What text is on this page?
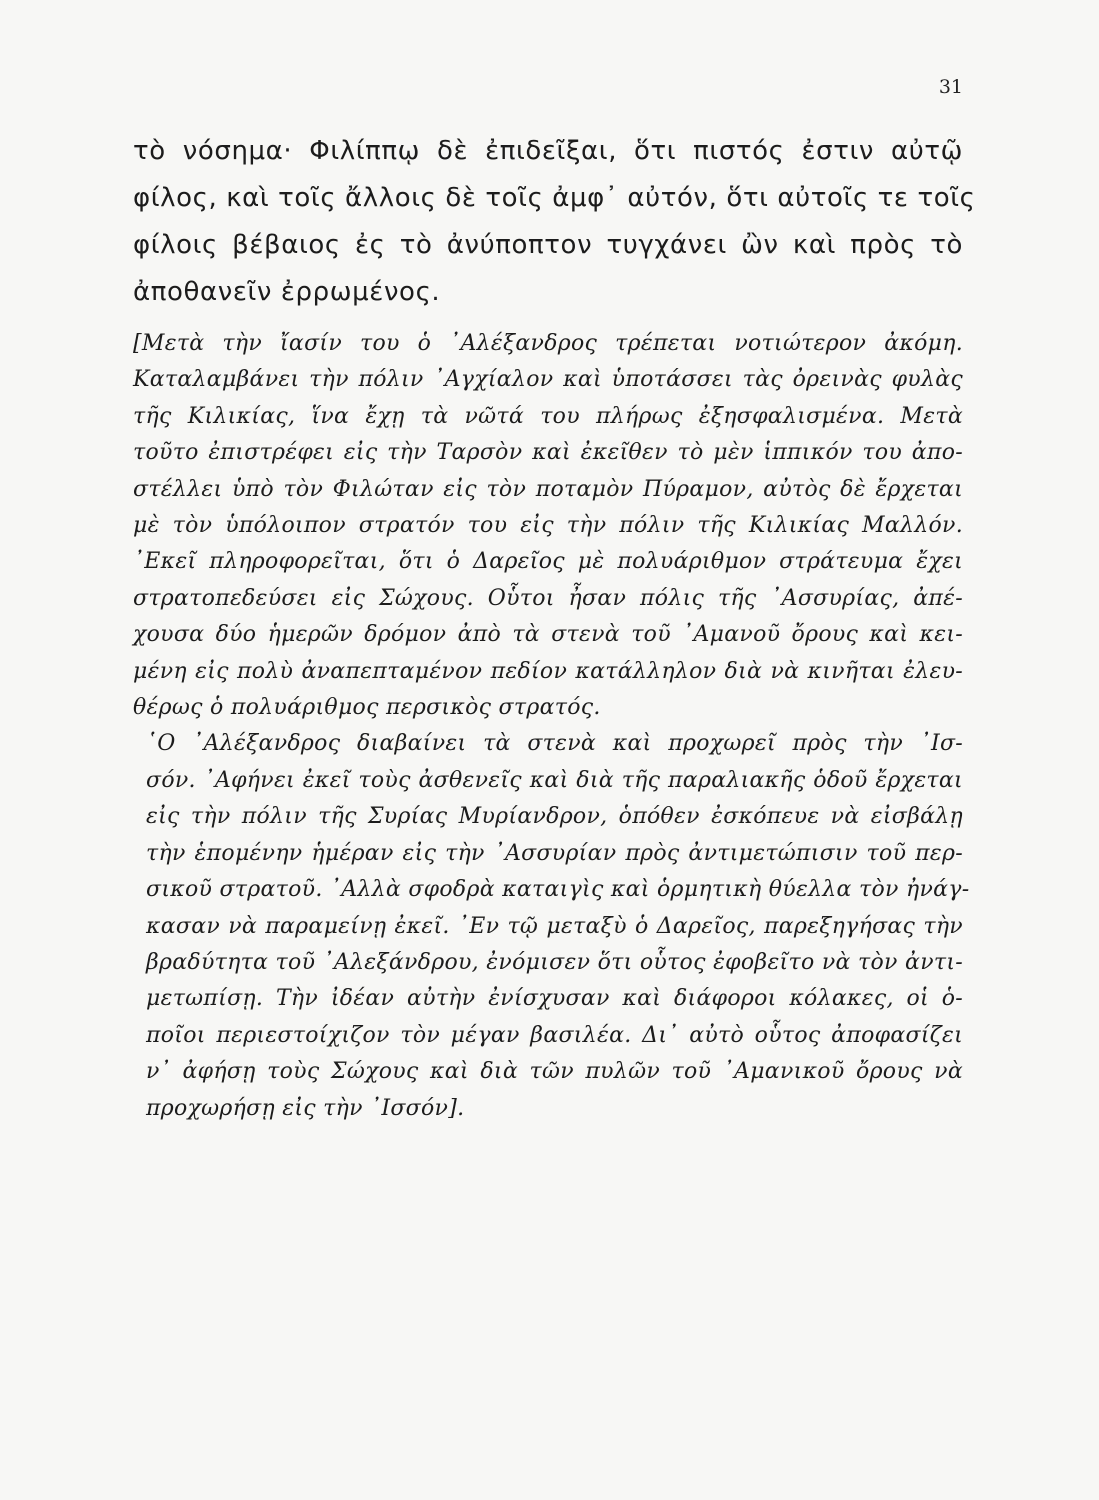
31
τὸ νόσημα· Φιλίππῳ δὲ ἐπιδεῖξαι, ὅτι πιστός ἐστιν αὐτῷ
φίλος, καὶ τοῖς ἄλλοις δὲ τοῖς ἀμφ᾽ αὐτόν, ὅτι αὐτοῖς τε τοῖς
φίλοις βέβαιος ἐς τὸ ἀνύποπτον τυγχάνει ὢν καὶ πρὸς τὸ
ἀποθανεῖν ἐρρωμένος.

[Μετὰ τὴν ἴασίν του ὁ ᾽Αλέξανδρος τρέπεται νοτιώτερον ἀκόμη.
Καταλαμβάνει τὴν πόλιν ᾽Αγχίαλον καὶ ὑποτάσσει τὰς ὀρεινὰς φυλὰς
τῆς Κιλικίας, ἵνα ἔχῃ τὰ νῶτά του πλήρως ἐξησφαλισμένα. Μετὰ
τοῦτο ἐπιστρέφει εἰς τὴν Ταρσὸν καὶ ἐκεῖθεν τὸ μὲν ἱππικόν του ἀπο-
στέλλει ὑπὸ τὸν Φιλώταν εἰς τὸν ποταμὸν Πύραμον, αὐτὸς δὲ ἔρχεται
μὲ τὸν ὑπόλοιπον στρατόν του εἰς τὴν πόλιν τῆς Κιλικίας Μαλλόν.
᾽Εκεῖ πληροφορεῖται, ὅτι ὁ Δαρεῖος μὲ πολυάριθμον στράτευμα ἔχει
στρατοπεδεύσει εἰς Σώχους. Οὗτοι ἦσαν πόλις τῆς ᾽Ασσυρίας, ἀπέ-
χουσα δύο ἡμερῶν δρόμον ἀπὸ τὰ στενὰ τοῦ ᾽Αμανοῦ ὄρους καὶ κει-
μένη εἰς πολὺ ἀναπεπταμένον πεδίον κατάλληλον διὰ νὰ κινῆται ἐλευ-
θέρως ὁ πολυάριθμος περσικὸς στρατός.

῾Ο ᾽Αλέξανδρος διαβαίνει τὰ στενὰ καὶ προχωρεῖ πρὸς τὴν ᾽Ισ-
σόν. ᾽Αφήνει ἐκεῖ τοὺς ἀσθενεῖς καὶ διὰ τῆς παραλιακῆς ὁδοῦ ἔρχεται
εἰς τὴν πόλιν τῆς Συρίας Μυρίανδρον, ὁπόθεν ἐσκόπευε νὰ εἰσβάλῃ
τὴν ἑπομένην ἡμέραν εἰς τὴν ᾽Ασσυρίαν πρὸς ἀντιμετώπισιν τοῦ περ-
σικοῦ στρατοῦ. ᾽Αλλὰ σφοδρὰ καταιγὶς καὶ ὁρμητικὴ θύελλα τὸν ἠνάγ-
κασαν νὰ παραμείνῃ ἐκεῖ. ᾽Εν τῷ μεταξὺ ὁ Δαρεῖος, παρεξηγήσας τὴν
βραδύτητα τοῦ ᾽Αλεξάνδρου, ἐνόμισεν ὅτι οὗτος ἐφοβεῖτο νὰ τὸν ἀντι-
μετωπίσῃ. Τὴν ἰδέαν αὐτὴν ἐνίσχυσαν καὶ διάφοροι κόλακες, οἱ ὁ-
ποῖοι περιεστοίχιζον τὸν μέγαν βασιλέα. Δι᾽ αὐτὸ οὗτος ἀποφασίζει
ν᾽ ἀφήσῃ τοὺς Σώχους καὶ διὰ τῶν πυλῶν τοῦ ᾽Αμανικοῦ ὄρους νὰ
προχωρήσῃ εἰς τὴν ᾽Ισσόν].
